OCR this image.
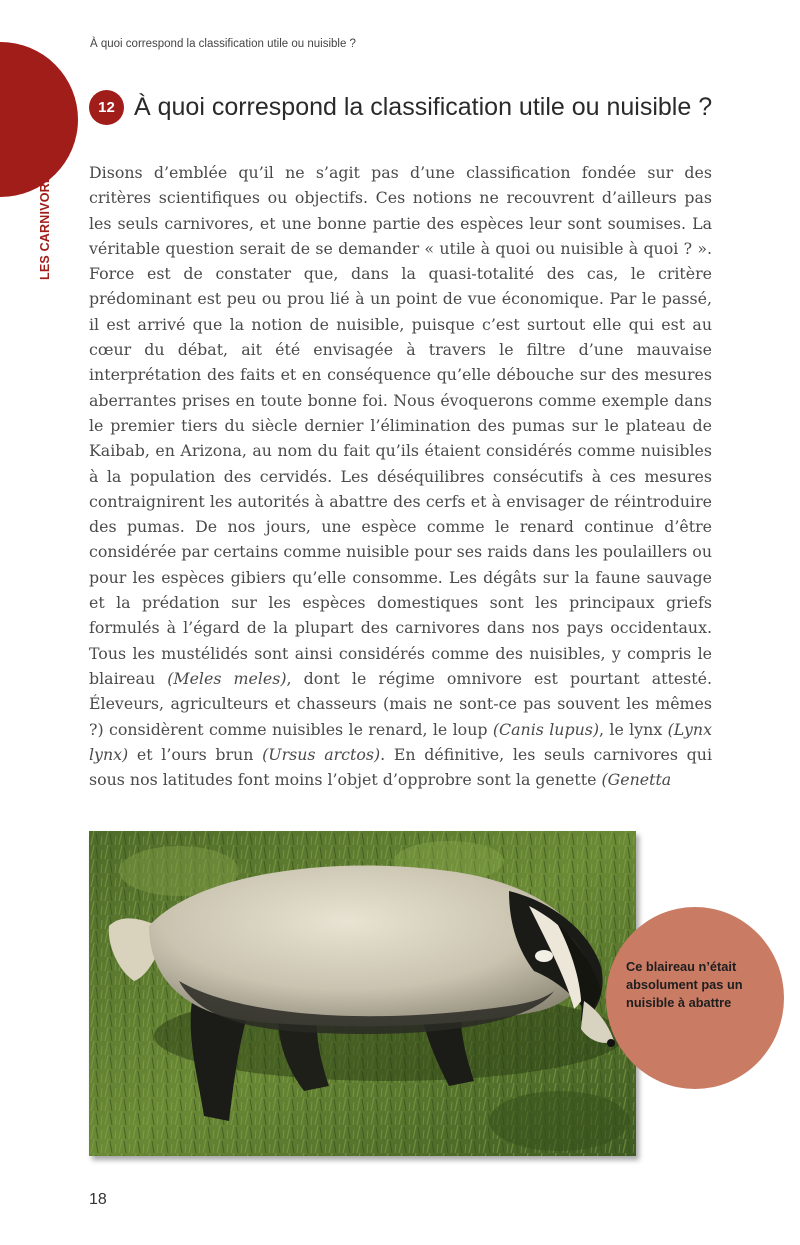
LES CARNIVORES ET LA SCIENCE
À quoi correspond la classification utile ou nuisible ?
12 À quoi correspond la classification utile ou nuisible ?

Disons d’emblée qu’il ne s’agit pas d’une classification fondée sur des critères scientifiques ou objectifs. Ces notions ne recouvrent d’ailleurs pas les seuls carnivores, et une bonne partie des espèces leur sont soumises. La véritable question serait de se demander « utile à quoi ou nuisible à quoi ? ». Force est de constater que, dans la quasi-totalité des cas, le critère prédominant est peu ou prou lié à un point de vue économique. Par le passé, il est arrivé que la notion de nuisible, puisque c’est surtout elle qui est au cœur du débat, ait été envisagée à travers le filtre d’une mauvaise interprétation des faits et en conséquence qu’elle débouche sur des mesures aberrantes prises en toute bonne foi. Nous évoquerons comme exemple dans le premier tiers du siècle dernier l’élimination des pumas sur le plateau de Kaibab, en Arizona, au nom du fait qu’ils étaient considérés comme nuisibles à la population des cervidés. Les déséquilibres consécutifs à ces mesures contraignirent les autorités à abattre des cerfs et à envisager de réintroduire des pumas. De nos jours, une espèce comme le renard continue d’être considérée par certains comme nuisible pour ses raids dans les poulaillers ou pour les espèces gibiers qu’elle consomme. Les dégâts sur la faune sauvage et la prédation sur les espèces domestiques sont les principaux griefs formulés à l’égard de la plupart des carnivores dans nos pays occidentaux. Tous les mustélidés sont ainsi considérés comme des nuisibles, y compris le blaireau (Meles meles), dont le régime omnivore est pourtant attesté. Éleveurs, agriculteurs et chasseurs (mais ne sont-ce pas souvent les mêmes ?) considèrent comme nuisibles le renard, le loup (Canis lupus), le lynx (Lynx lynx) et l’ours brun (Ursus arctos). En définitive, les seuls carnivores qui sous nos latitudes font moins l’objet d’opprobre sont la genette (Genetta

Ce blaireau n’était absolument pas un nuisible à abattre
18
